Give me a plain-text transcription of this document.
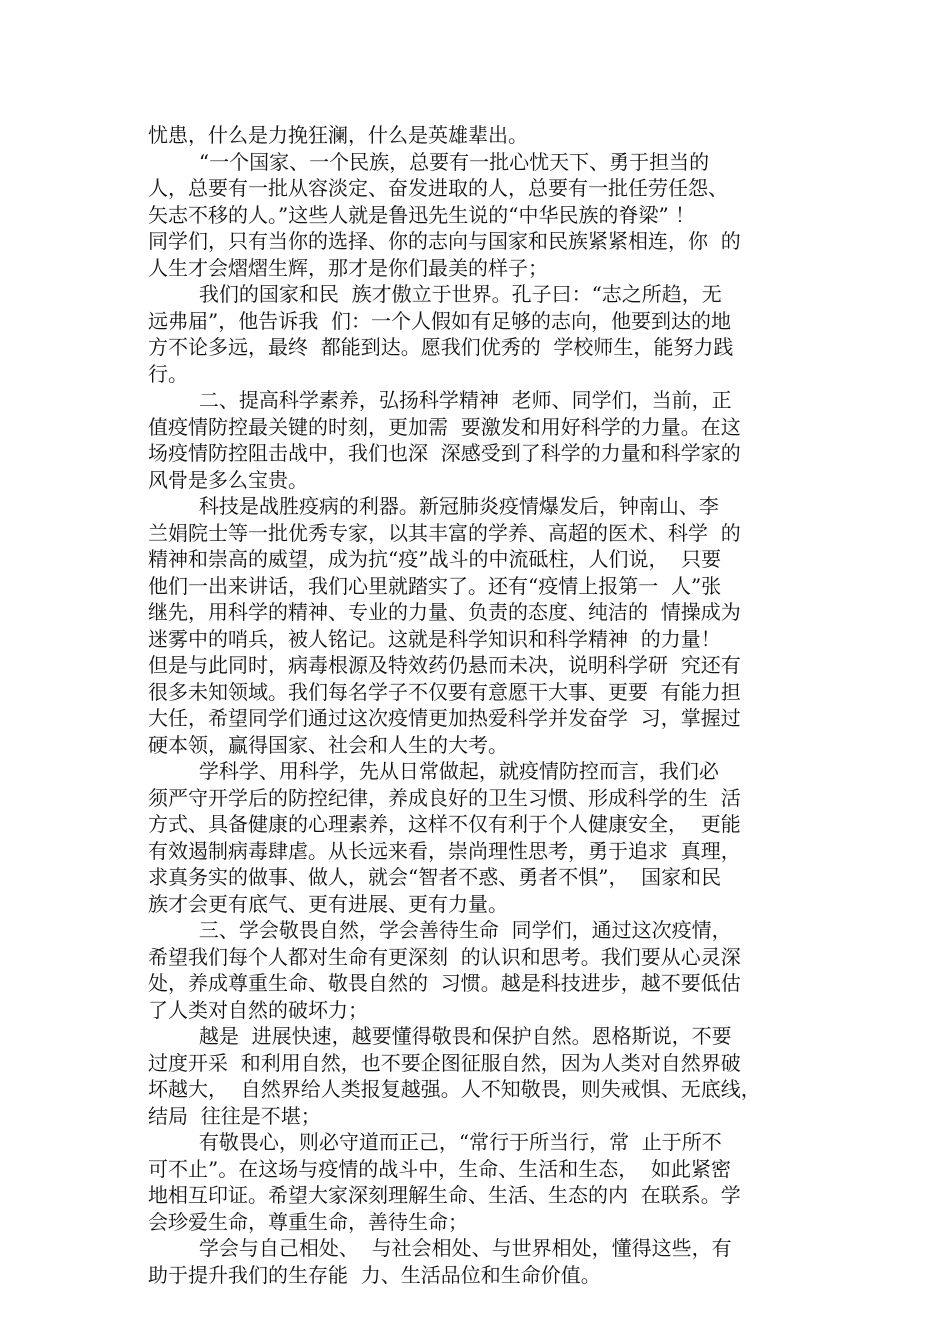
忧患，什么是力挽狂澜，什么是英雄辈出。
“一个国家、一个民族，总要有一批心忧天下、勇于担当的
人，总要有一批从容淡定、奋发进取的人，总要有一批任劳任怨、
矢志不移的人。”这些人就是鲁迅先生说的“中华民族的脊梁” ！
同学们，只有当你的选择、你的志向与国家和民族紧紧相连，你  的
人生才会熠熠生辉，那才是你们最美的样子；
我们的国家和民  族才傲立于世界。孔子曰：“志之所趋，无
远弗届”，他告诉我  们：一个人假如有足够的志向，他要到达的地
方不论多远，最终  都能到达。愿我们优秀的  学校师生，能努力践
行。
二、提高科学素养，弘扬科学精神  老师、同学们，当前，正
值疫情防控最关键的时刻，更加需  要激发和用好科学的力量。在这
场疫情防控阻击战中，我们也深  深感受到了科学的力量和科学家的
风骨是多么宝贵。
科技是战胜疫病的利器。新冠肺炎疫情爆发后，钟南山、李
兰娟院士等一批优秀专家，以其丰富的学养、高超的医术、科学  的
精神和崇高的威望，成为抗“疫”战斗的中流砥柱，人们说，  只要
他们一出来讲话，我们心里就踏实了。还有“疫情上报第一  人”张
继先，用科学的精神、专业的力量、负责的态度、纯洁的  情操成为
迷雾中的哨兵，被人铭记。这就是科学知识和科学精神  的力量！
但是与此同时，病毒根源及特效药仍悬而未决，说明科学研  究还有
很多未知领域。我们每名学子不仅要有意愿干大事、更要  有能力担
大任，希望同学们通过这次疫情更加热爱科学并发奋学  习，掌握过
硬本领，赢得国家、社会和人生的大考。
学科学、用科学，先从日常做起，就疫情防控而言，我们必
须严守开学后的防控纪律，养成良好的卫生习惯、形成科学的生  活
方式、具备健康的心理素养，这样不仅有利于个人健康安全，  更能
有效遏制病毒肆虐。从长远来看，崇尚理性思考，勇于追求  真理，
求真务实的做事、做人，就会“智者不惑、勇者不惧”，  国家和民
族才会更有底气、更有进展、更有力量。
三、学会敬畏自然，学会善待生命  同学们，通过这次疫情，
希望我们每个人都对生命有更深刻  的认识和思考。我们要从心灵深
处，养成尊重生命、敬畏自然的  习惯。越是科技进步，越不要低估
了人类对自然的破坏力；
越是  进展快速，越要懂得敬畏和保护自然。恩格斯说，不要
过度开采  和利用自然，也不要企图征服自然，因为人类对自然界破
坏越大，  自然界给人类报复越强。人不知敬畏，则失戒惧、无底线，
结局  往往是不堪；
有敬畏心，则必守道而正己，“常行于所当行，常  止于所不
可不止”。在这场与疫情的战斗中，生命、生活和生态，  如此紧密
地相互印证。希望大家深刻理解生命、生活、生态的内  在联系。学
会珍爱生命，尊重生命，善待生命；
学会与自己相处、  与社会相处、与世界相处，懂得这些，有
助于提升我们的生存能  力、生活品位和生命价值。
